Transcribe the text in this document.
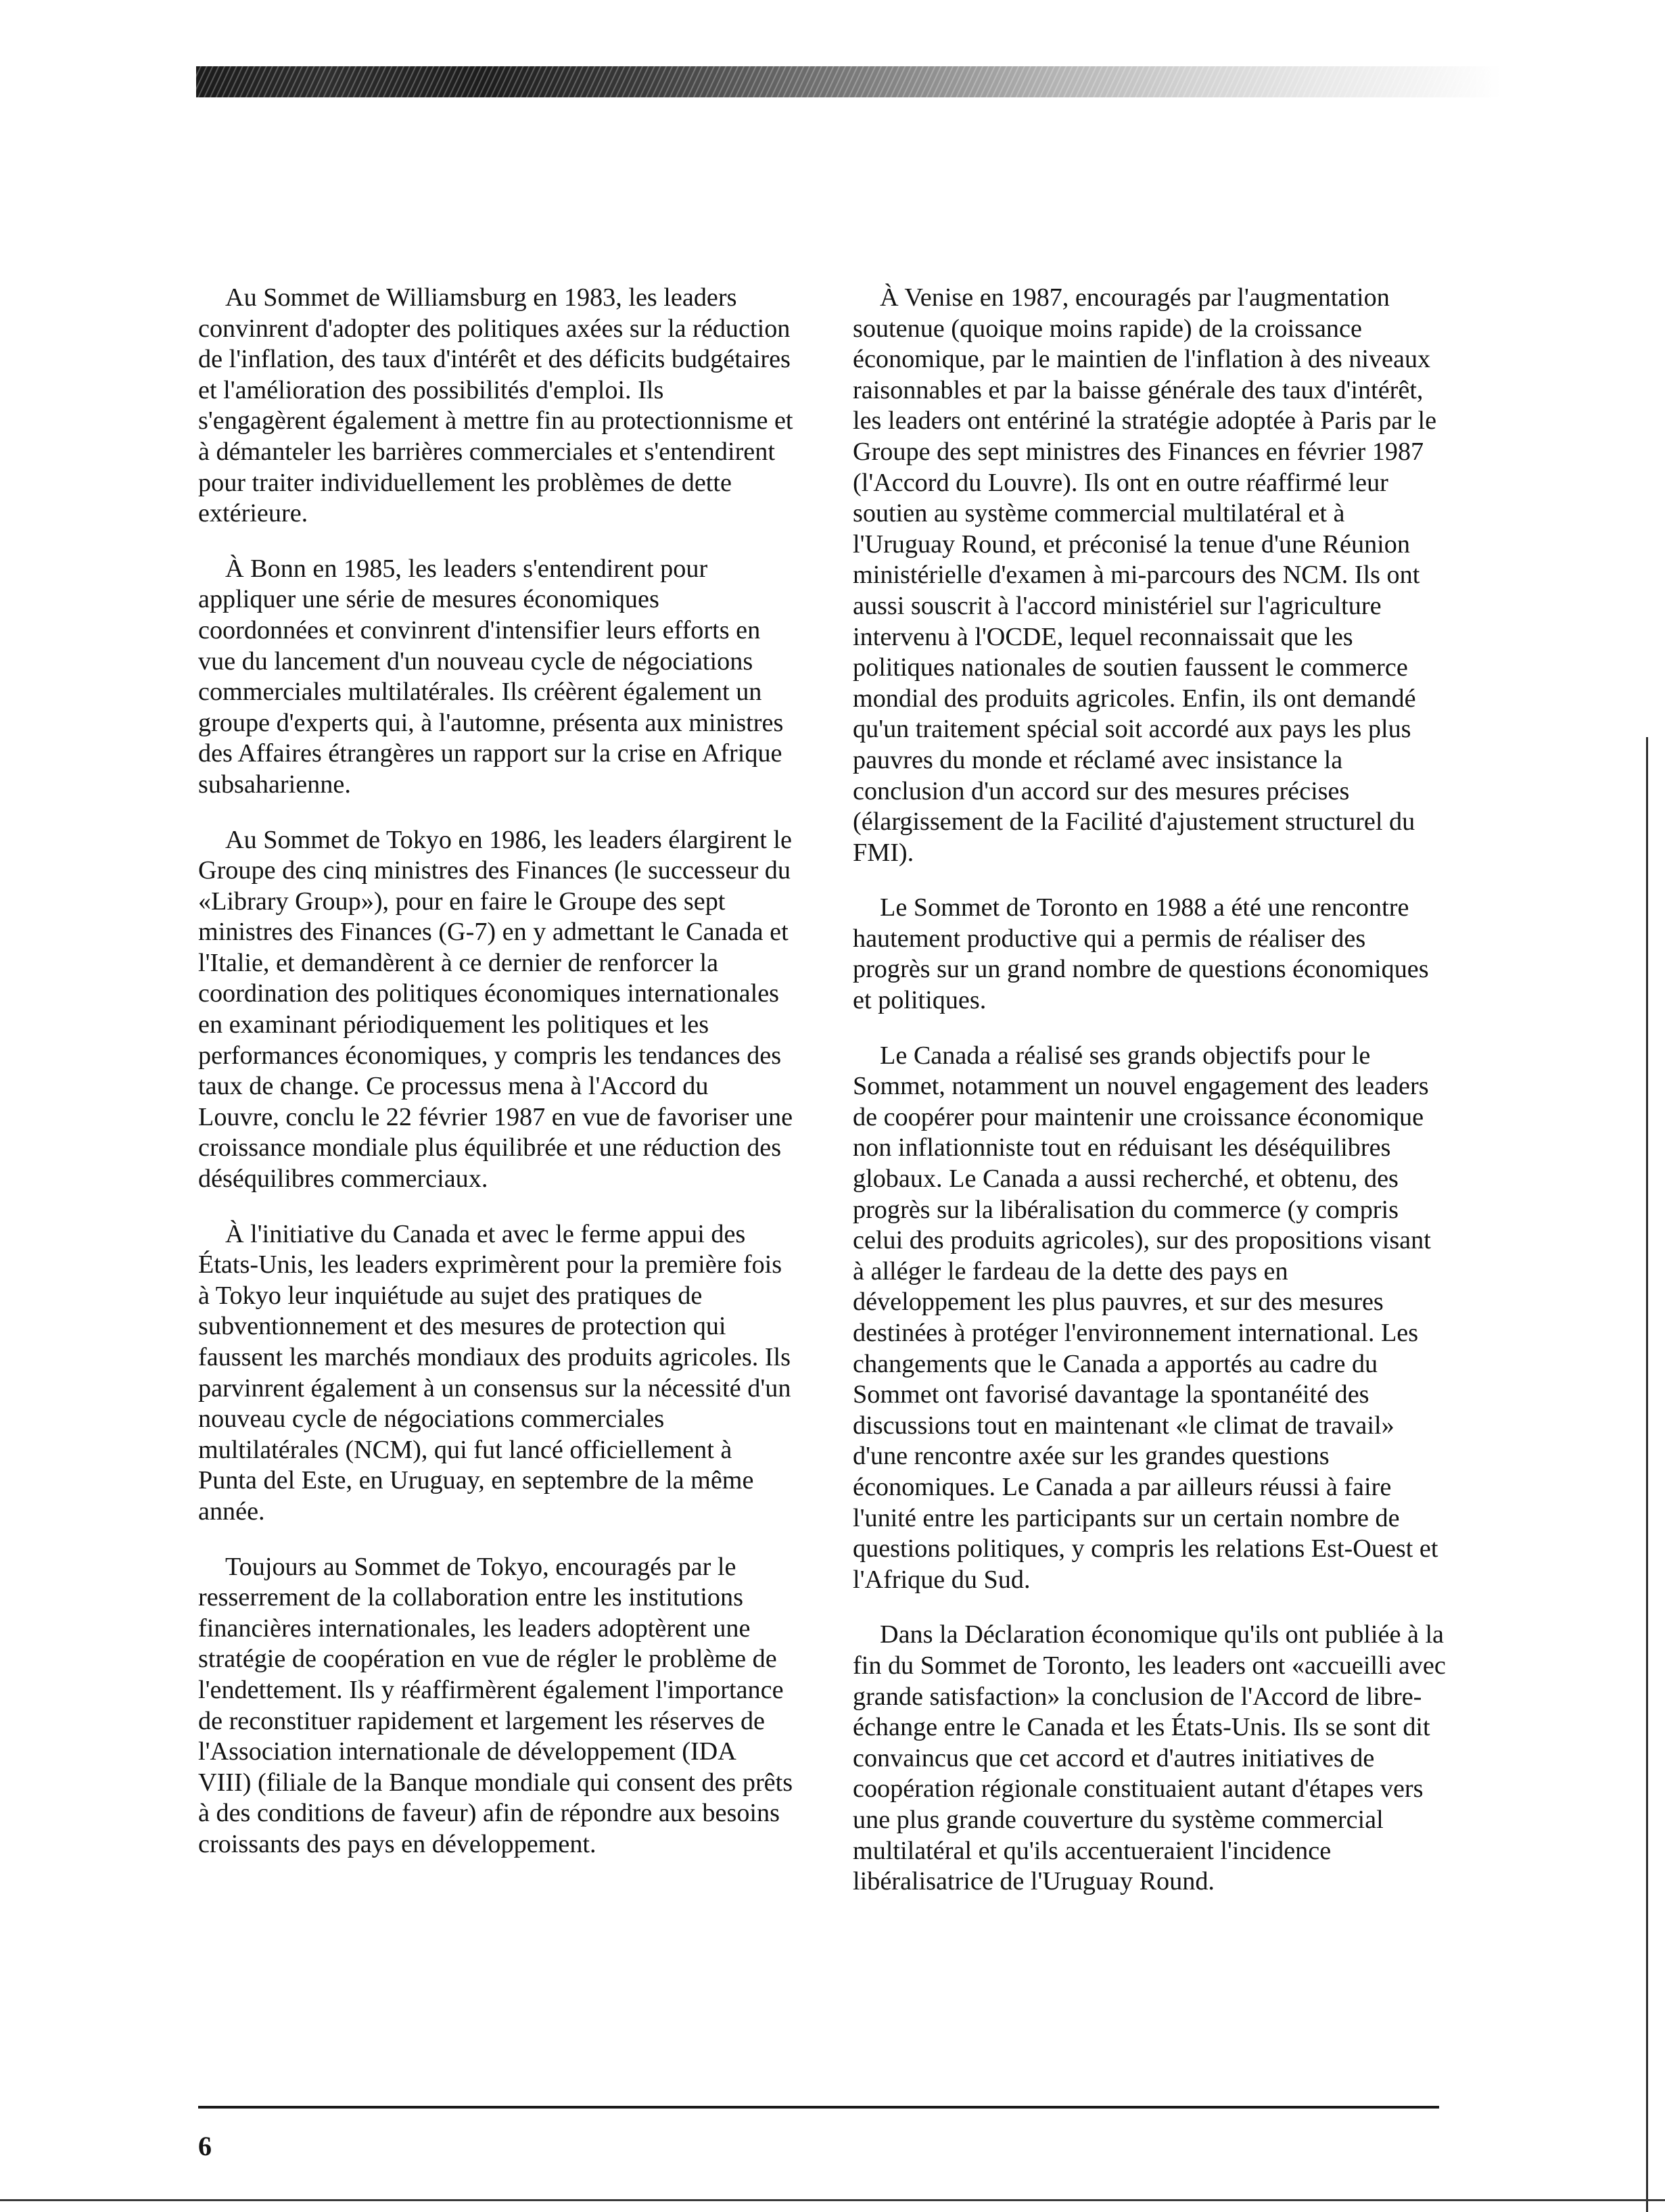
Au Sommet de Williamsburg en 1983, les leaders convinrent d'adopter des politiques axées sur la réduction de l'inflation, des taux d'intérêt et des déficits budgétaires et l'amélioration des possibilités d'emploi. Ils s'engagèrent également à mettre fin au protectionnisme et à démanteler les barrières commerciales et s'entendirent pour traiter individuellement les problèmes de dette extérieure.

À Bonn en 1985, les leaders s'entendirent pour appliquer une série de mesures économiques coordonnées et convinrent d'intensifier leurs efforts en vue du lancement d'un nouveau cycle de négociations commerciales multilatérales. Ils créèrent également un groupe d'experts qui, à l'automne, présenta aux ministres des Affaires étrangères un rapport sur la crise en Afrique subsaharienne.

Au Sommet de Tokyo en 1986, les leaders élargirent le Groupe des cinq ministres des Finances (le successeur du «Library Group»), pour en faire le Groupe des sept ministres des Finances (G-7) en y admettant le Canada et l'Italie, et demandèrent à ce dernier de renforcer la coordination des politiques économiques internationales en examinant périodiquement les politiques et les performances économiques, y compris les tendances des taux de change. Ce processus mena à l'Accord du Louvre, conclu le 22 février 1987 en vue de favoriser une croissance mondiale plus équilibrée et une réduction des déséquilibres commerciaux.

À l'initiative du Canada et avec le ferme appui des États-Unis, les leaders exprimèrent pour la première fois à Tokyo leur inquiétude au sujet des pratiques de subventionnement et des mesures de protection qui faussent les marchés mondiaux des produits agricoles. Ils parvinrent également à un consensus sur la nécessité d'un nouveau cycle de négociations commerciales multilatérales (NCM), qui fut lancé officiellement à Punta del Este, en Uruguay, en septembre de la même année.

Toujours au Sommet de Tokyo, encouragés par le resserrement de la collaboration entre les institutions financières internationales, les leaders adoptèrent une stratégie de coopération en vue de régler le problème de l'endettement. Ils y réaffirmèrent également l'importance de reconstituer rapidement et largement les réserves de l'Association internationale de développement (IDA VIII) (filiale de la Banque mondiale qui consent des prêts à des conditions de faveur) afin de répondre aux besoins croissants des pays en développement.

À Venise en 1987, encouragés par l'augmentation soutenue (quoique moins rapide) de la croissance économique, par le maintien de l'inflation à des niveaux raisonnables et par la baisse générale des taux d'intérêt, les leaders ont entériné la stratégie adoptée à Paris par le Groupe des sept ministres des Finances en février 1987 (l'Accord du Louvre). Ils ont en outre réaffirmé leur soutien au système commercial multilatéral et à l'Uruguay Round, et préconisé la tenue d'une Réunion ministérielle d'examen à mi-parcours des NCM. Ils ont aussi souscrit à l'accord ministériel sur l'agriculture intervenu à l'OCDE, lequel reconnaissait que les politiques nationales de soutien faussent le commerce mondial des produits agricoles. Enfin, ils ont demandé qu'un traitement spécial soit accordé aux pays les plus pauvres du monde et réclamé avec insistance la conclusion d'un accord sur des mesures précises (élargissement de la Facilité d'ajustement structurel du FMI).

Le Sommet de Toronto en 1988 a été une rencontre hautement productive qui a permis de réaliser des progrès sur un grand nombre de questions économiques et politiques.

Le Canada a réalisé ses grands objectifs pour le Sommet, notamment un nouvel engagement des leaders de coopérer pour maintenir une croissance économique non inflationniste tout en réduisant les déséquilibres globaux. Le Canada a aussi recherché, et obtenu, des progrès sur la libéralisation du commerce (y compris celui des produits agricoles), sur des propositions visant à alléger le fardeau de la dette des pays en développement les plus pauvres, et sur des mesures destinées à protéger l'environnement international. Les changements que le Canada a apportés au cadre du Sommet ont favorisé davantage la spontanéité des discussions tout en maintenant «le climat de travail» d'une rencontre axée sur les grandes questions économiques. Le Canada a par ailleurs réussi à faire l'unité entre les participants sur un certain nombre de questions politiques, y compris les relations Est-Ouest et l'Afrique du Sud.

Dans la Déclaration économique qu'ils ont publiée à la fin du Sommet de Toronto, les leaders ont «accueilli avec grande satisfaction» la conclusion de l'Accord de libre-échange entre le Canada et les États-Unis. Ils se sont dit convaincus que cet accord et d'autres initiatives de coopération régionale constituaient autant d'étapes vers une plus grande couverture du système commercial multilatéral et qu'ils accentueraient l'incidence libéralisatrice de l'Uruguay Round.

6
